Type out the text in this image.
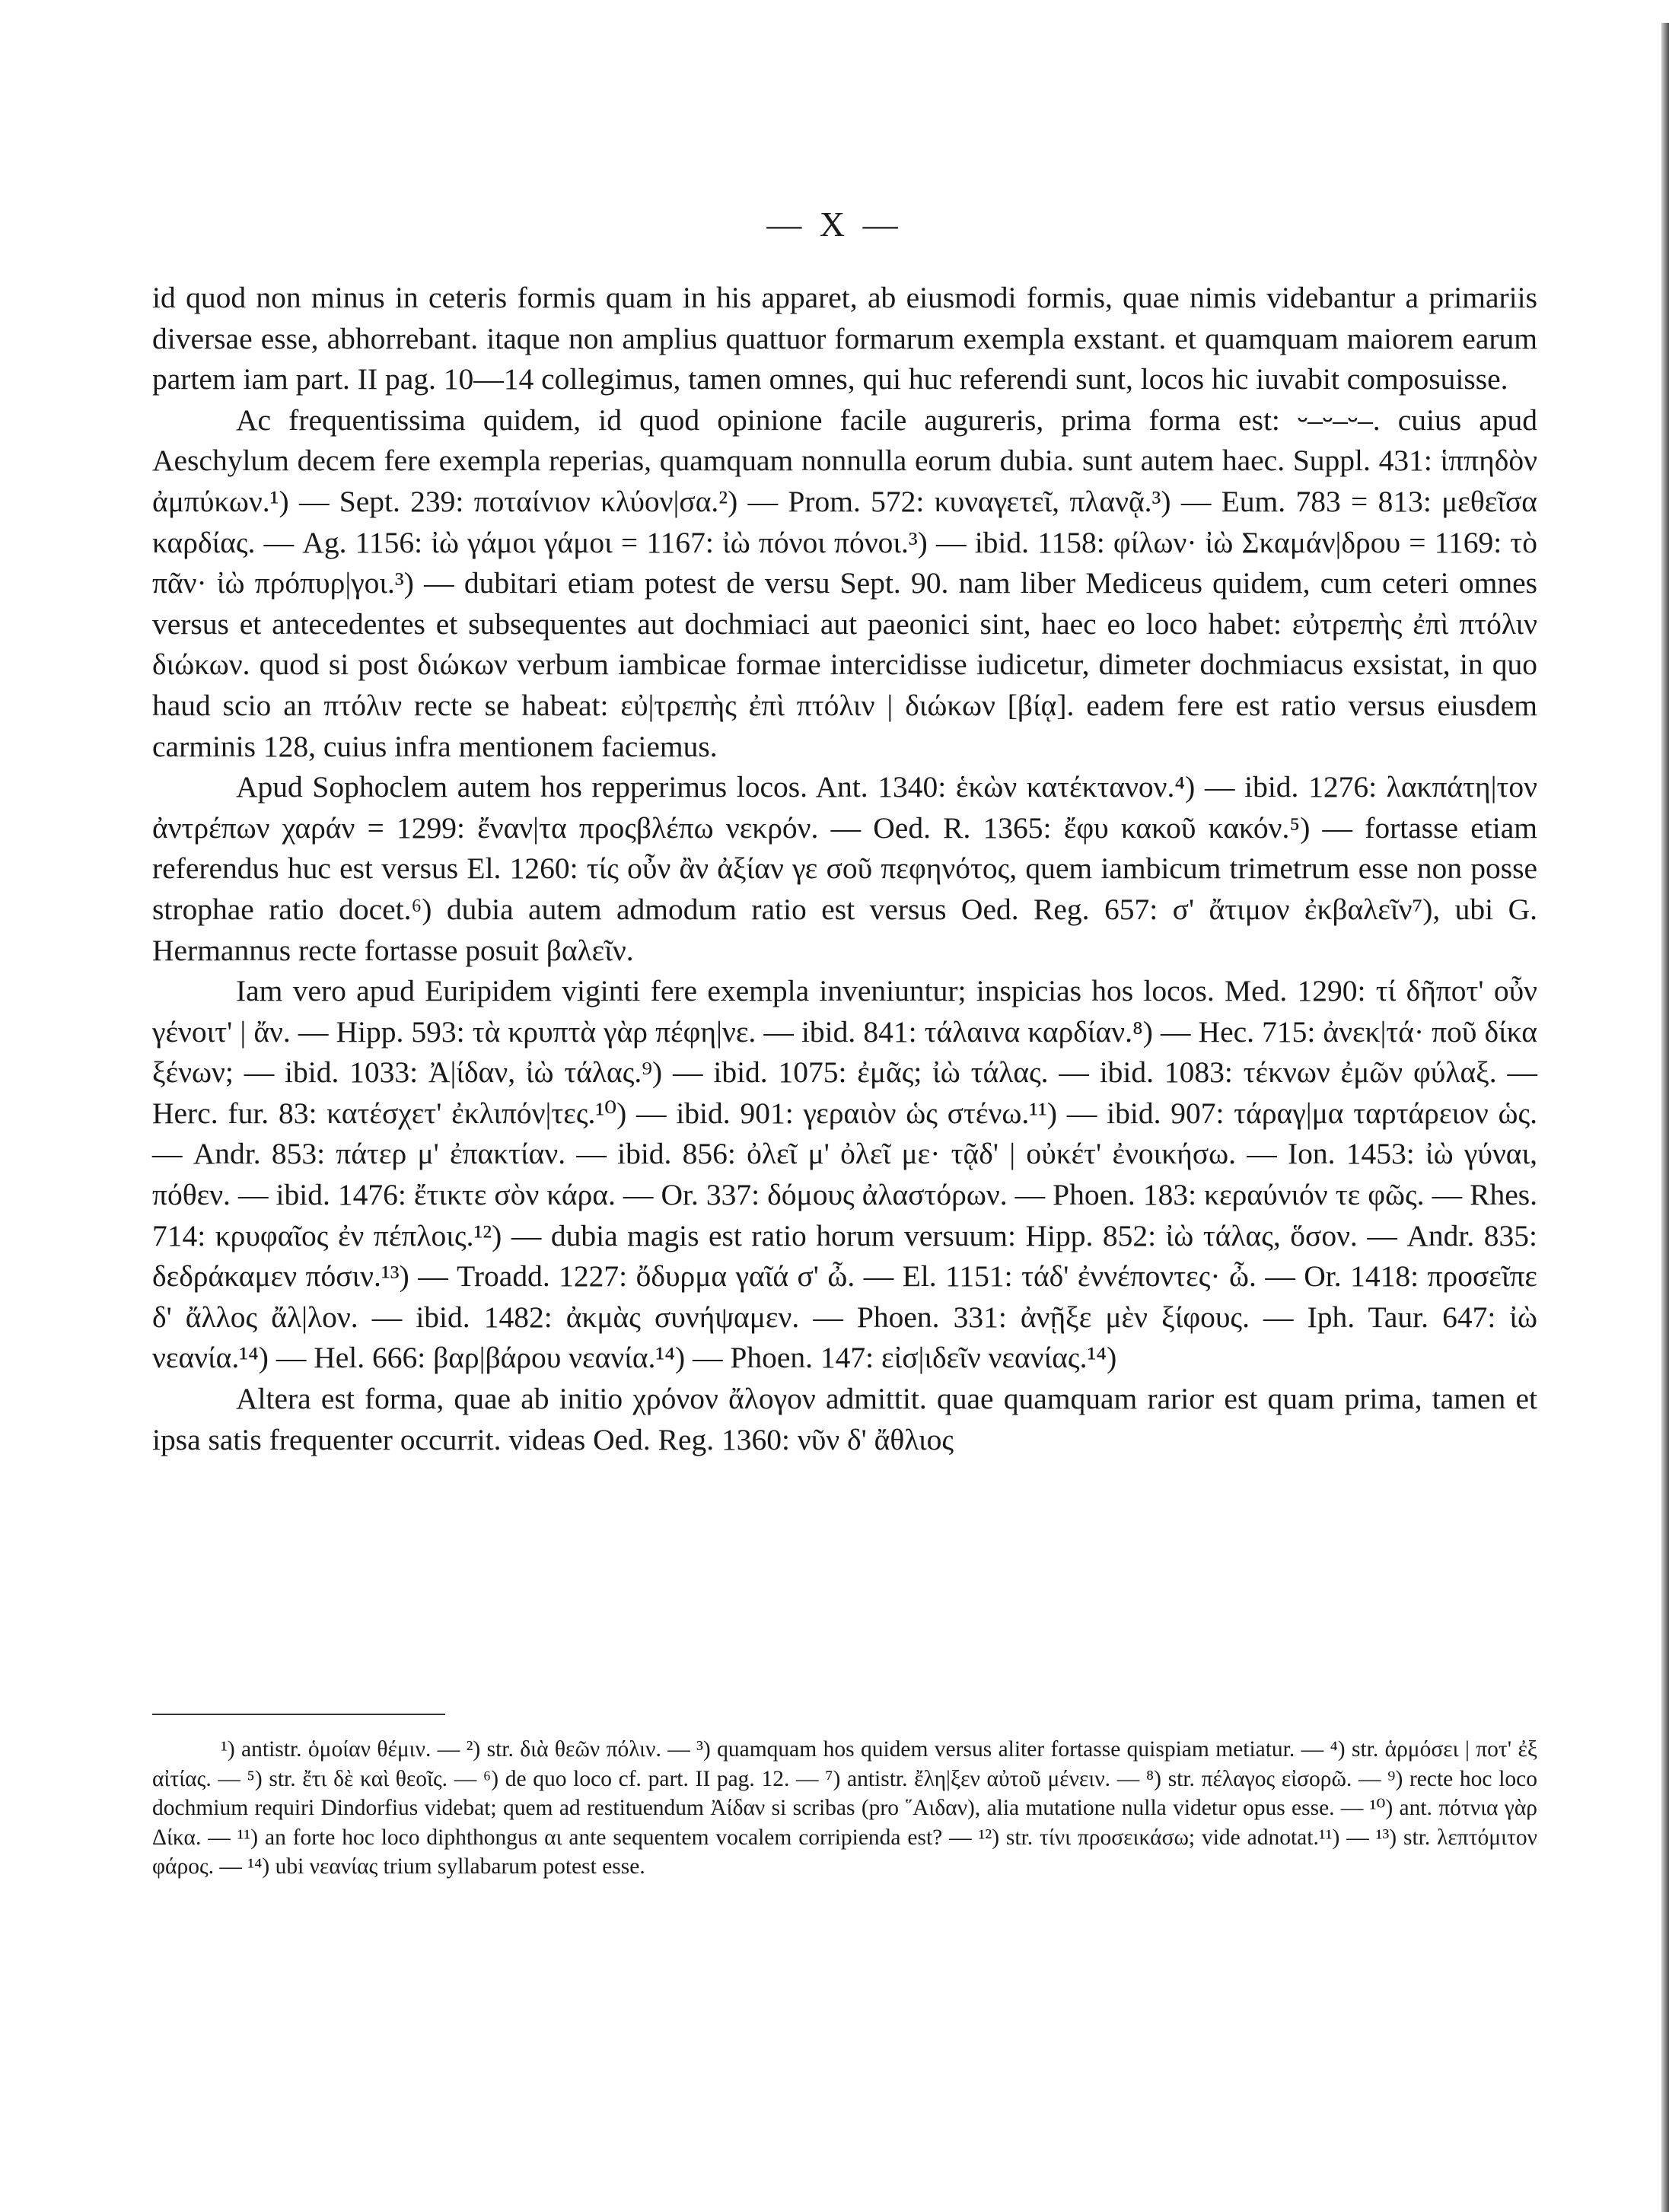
— X —

id quod non minus in ceteris formis quam in his apparet, ab eiusmodi formis, quae nimis videbantur a primariis diversae esse, abhorrebant. itaque non amplius quattuor formarum exempla exstant. et quamquam maiorem earum partem iam part. II pag. 10—14 collegimus, tamen omnes, qui huc referendi sunt, locos hic iuvabit composuisse.

Ac frequentissima quidem, id quod opinione facile augureris, prima forma est: ⏑–⏑–⏑–. cuius apud Aeschylum decem fere exempla reperias, quamquam nonnulla eorum dubia. sunt autem haec. Suppl. 431: ἱππηδὸν ἀμπύκων.¹) — Sept. 239: ποταίνιον κλύον|σα.²) — Prom. 572: κυναγετεῖ, πλανᾷ.³) — Eum. 783 = 813: μεθεῖσα καρδίας. — Ag. 1156: ἰὼ γάμοι γάμοι = 1167: ἰὼ πόνοι πόνοι.³) — ibid. 1158: φίλων· ἰὼ Σκαμάν|δρου = 1169: τὸ πᾶν· ἰὼ πρόπυρ|γοι.³) — dubitari etiam potest de versu Sept. 90. nam liber Mediceus quidem, cum ceteri omnes versus et antecedentes et subsequentes aut dochmiaci aut paeonici sint, haec eo loco habet: εὐτρεπὴς ἐπὶ πτόλιν διώκων. quod si post διώκων verbum iambicae formae intercidisse iudicetur, dimeter dochmiacus exsistat, in quo haud scio an πτόλιν recte se habeat: εὐ|τρεπὴς ἐπὶ πτόλιν | διώκων [βίᾳ]. eadem fere est ratio versus eiusdem carminis 128, cuius infra mentionem faciemus.

Apud Sophoclem autem hos repperimus locos. Ant. 1340: ἑκὼν κατέκτανον.⁴) — ibid. 1276: λακπάτη|τον ἀντρέπων χαράν = 1299: ἔναν|τα προςβλέπω νεκρόν. — Oed. R. 1365: ἔφυ κακοῦ κακόν.⁵) — fortasse etiam referendus huc est versus El. 1260: τίς οὖν ἂν ἀξίαν γε σοῦ πεφηνότος, quem iambicum trimetrum esse non posse strophae ratio docet.⁶) dubia autem admodum ratio est versus Oed. Reg. 657: σ' ἄτιμον ἐκβαλεῖν⁷), ubi G. Hermannus recte fortasse posuit βαλεῖν.

Iam vero apud Euripidem viginti fere exempla inveniuntur; inspicias hos locos. Med. 1290: τί δῆποτ' οὖν γένοιτ' | ἄν. — Hipp. 593: τὰ κρυπτὰ γὰρ πέφη|νε. — ibid. 841: τάλαινα καρδίαν.⁸) — Hec. 715: ἀνεκ|τά· ποῦ δίκα ξένων; — ibid. 1033: Ἀ|ίδαν, ἰὼ τάλας.⁹) — ibid. 1075: ἐμᾶς; ἰὼ τάλας. — ibid. 1083: τέκνων ἐμῶν φύλαξ. — Herc. fur. 83: κατέσχετ' ἐκλιπόν|τες.¹⁰) — ibid. 901: γεραιὸν ὡς στένω.¹¹) — ibid. 907: τάραγ|μα ταρτάρειον ὡς. — Andr. 853: πάτερ μ' ἐπακτίαν. — ibid. 856: ὀλεῖ μ' ὀλεῖ με· τᾷδ' | οὐκέτ' ἐνοικήσω. — Ion. 1453: ἰὼ γύναι, πόθεν. — ibid. 1476: ἔτικτε σὸν κάρα. — Or. 337: δόμους ἀλαστόρων. — Phoen. 183: κεραύνιόν τε φῶς. — Rhes. 714: κρυφαῖος ἐν πέπλοις.¹²) — dubia magis est ratio horum versuum: Hipp. 852: ἰὼ τάλας, ὅσον. — Andr. 835: δεδράκαμεν πόσιν.¹³) — Troadd. 1227: ὄδυρμα γαῖά σ' ὦ. — El. 1151: τάδ' ἐννέποντες· ὦ. — Or. 1418: προσεῖπε δ' ἄλλος ἄλ|λον. — ibid. 1482: ἀκμὰς συνήψαμεν. — Phoen. 331: ἀνῇξε μὲν ξίφους. — Iph. Taur. 647: ἰὼ νεανία.¹⁴) — Hel. 666: βαρ|βάρου νεανία.¹⁴) — Phoen. 147: εἰσ|ιδεῖν νεανίας.¹⁴)

Altera est forma, quae ab initio χρόνον ἄλογον admittit. quae quamquam rarior est quam prima, tamen et ipsa satis frequenter occurrit. videas Oed. Reg. 1360: νῦν δ' ἄθλιος

¹) antistr. ὁμοίαν θέμιν. — ²) str. διὰ θεῶν πόλιν. — ³) quamquam hos quidem versus aliter fortasse quispiam metiatur. — ⁴) str. ἁρμόσει | ποτ' ἐξ αἰτίας. — ⁵) str. ἔτι δὲ καὶ θεοῖς. — ⁶) de quo loco cf. part. II pag. 12. — ⁷) antistr. ἔλη|ξεν αὐτοῦ μένειν. — ⁸) str. πέλαγος εἰσορῶ. — ⁹) recte hoc loco dochmium requiri Dindorfius videbat; quem ad restituendum Ἀίδαν si scribas (pro ῞Αιδαν), alia mutatione nulla videtur opus esse. — ¹⁰) ant. πότνια γὰρ Δίκα. — ¹¹) an forte hoc loco diphthongus αι ante sequentem vocalem corripienda est? — ¹²) str. τίνι προσεικάσω; vide adnotat.¹¹) — ¹³) str. λεπτόμιτον φάρος. — ¹⁴) ubi νεανίας trium syllabarum potest esse.
